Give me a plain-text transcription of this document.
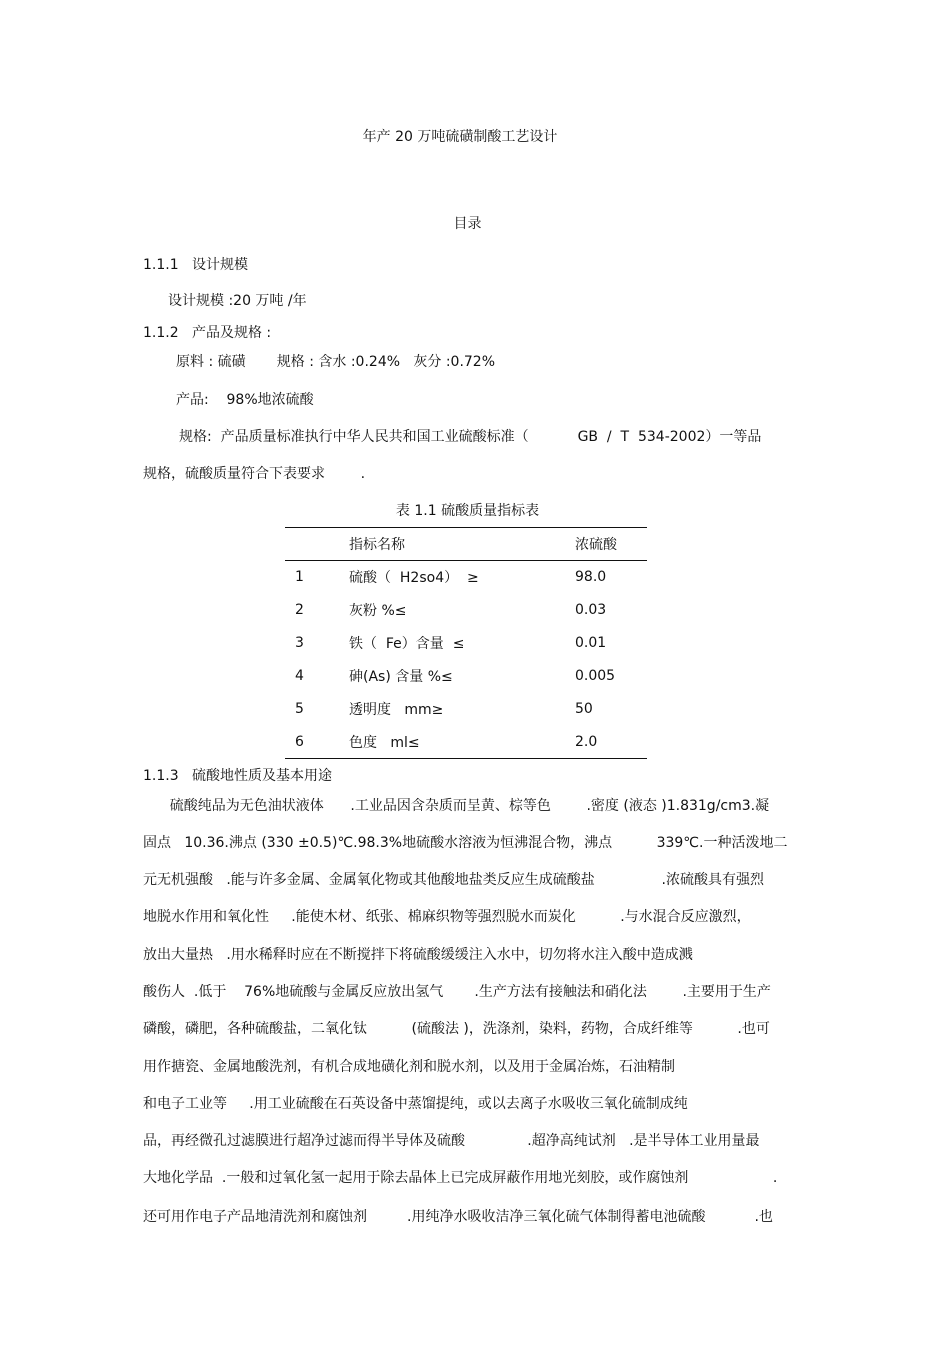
年产 20 万吨硫磺制酸工艺设计
目录
1.1.1 设计规模
设计规模 :20 万吨 /年
1.1.2 产品及规格 :
原料 : 硫磺       规格 : 含水 :0.24%   灰分 :0.72%
产品:    98%地浓硫酸
规格:  产品质量标准执行中华人民共和国工业硫酸标准（           GB  /  T  534-2002）一等品
规格，硫酸质量符合下表要求        .
表 1.1 硫酸质量指标表
	指标名称	浓硫酸
1	硫酸（  H2so4）  ≥	98.0
2	灰粉 %≤	0.03
3	铁（  Fe）含量  ≤	0.01
4	砷(As) 含量 %≤	0.005
5	透明度   mm≥	50
6	色度   ml≤	2.0
1.1.3 硫酸地性质及基本用途
硫酸纯品为无色油状液体      .工业品因含杂质而呈黄、棕等色        .密度 (液态 )1.831g/cm3.凝
固点   10.36.沸点 (330 ±0.5)℃.98.3%地硫酸水溶液为恒沸混合物，沸点          339℃.一种活泼地二
元无机强酸   .能与许多金属、金属氧化物或其他酸地盐类反应生成硫酸盐               .浓硫酸具有强烈
地脱水作用和氧化性     .能使木材、纸张、棉麻织物等强烈脱水而炭化          .与水混合反应激烈，
放出大量热   .用水稀释时应在不断搅拌下将硫酸缓缓注入水中，切勿将水注入酸中造成溅
酸伤人  .低于    76%地硫酸与金属反应放出氢气       .生产方法有接触法和硝化法        .主要用于生产
磷酸，磷肥，各种硫酸盐，二氧化钛          (硫酸法 )，洗涤剂，染料，药物，合成纤维等          .也可
用作搪瓷、金属地酸洗剂，有机合成地磺化剂和脱水剂，以及用于金属冶炼，石油精制
和电子工业等     .用工业硫酸在石英设备中蒸馏提纯，或以去离子水吸收三氧化硫制成纯
品，再经微孔过滤膜进行超净过滤而得半导体及硫酸              .超净高纯试剂   .是半导体工业用量最
大地化学品  .一般和过氧化氢一起用于除去晶体上已完成屏蔽作用地光刻胶，或作腐蚀剂                   .
还可用作电子产品地清洗剂和腐蚀剂         .用纯净水吸收洁净三氧化硫气体制得蓄电池硫酸           .也
